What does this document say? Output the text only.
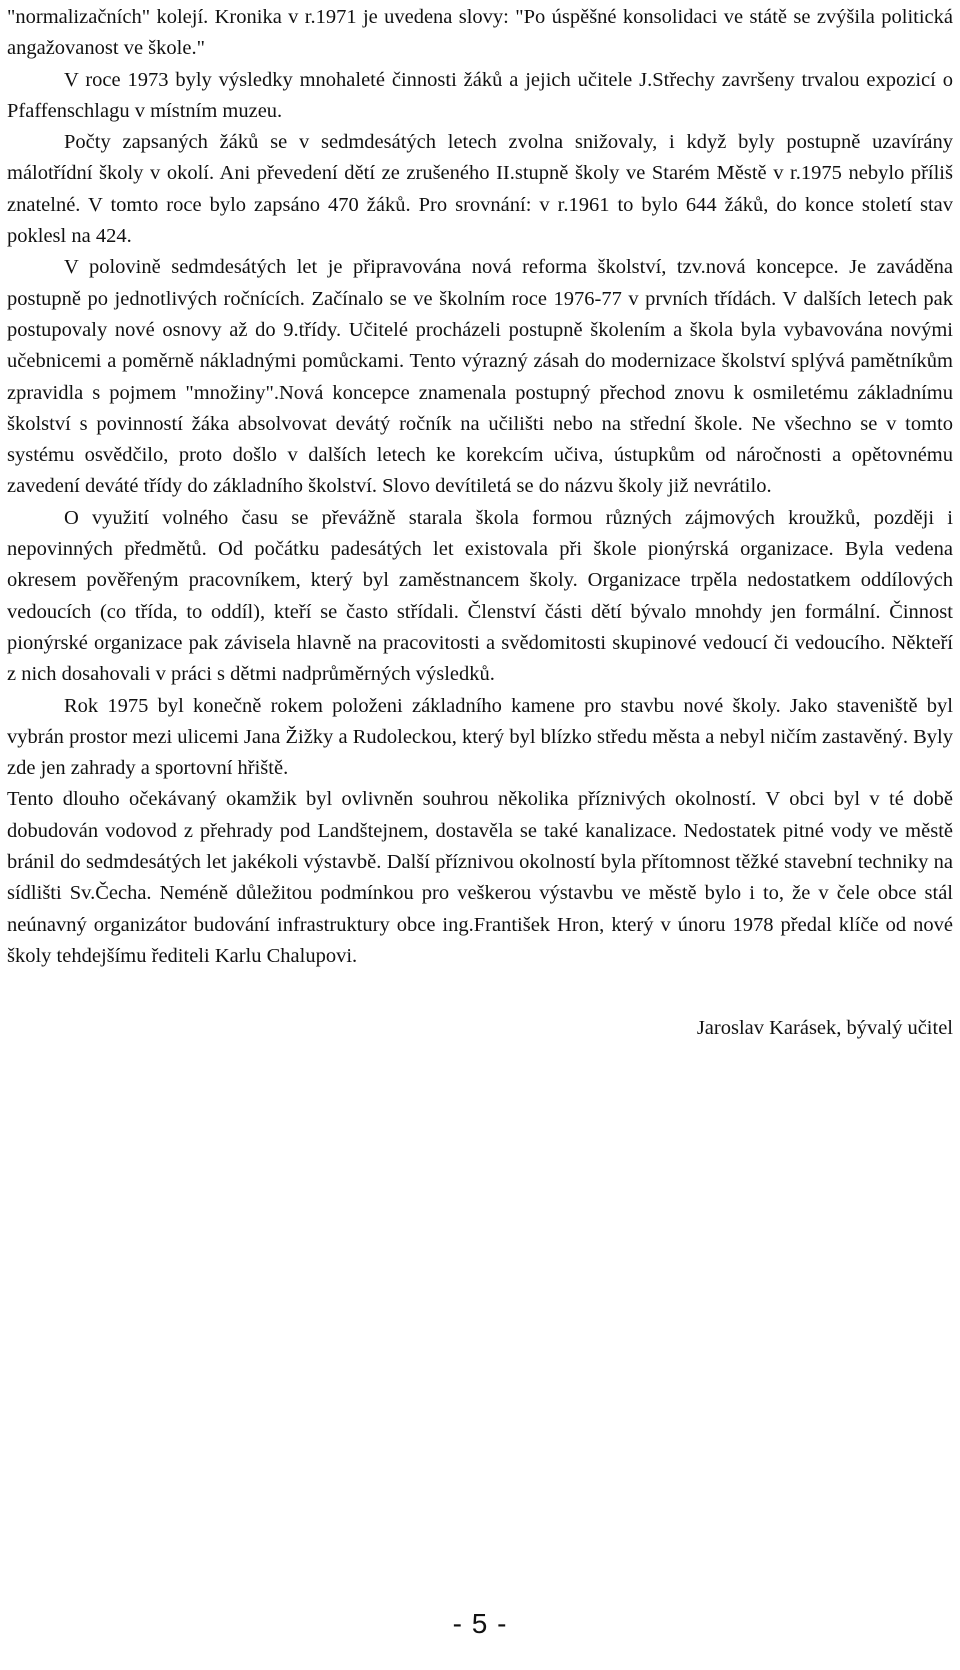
"normalizačních" kolejí. Kronika v r.1971 je uvedena slovy: "Po úspěšné konsolidaci ve státě se zvýšila politická angažovanost ve škole."

V roce 1973 byly výsledky mnohaleté činnosti žáků a jejich učitele J.Střechy završeny trvalou expozicí o Pfaffenschlagu v místním muzeu.

Počty zapsaných žáků se v sedmdesátých letech zvolna snižovaly, i když byly postupně uzavírány málotřídní školy v okolí. Ani převedení dětí ze zrušeného II.stupně školy ve Starém Městě v r.1975 nebylo příliš znatelné. V tomto roce bylo zapsáno 470 žáků. Pro srovnání: v r.1961 to bylo 644 žáků, do konce století stav poklesl na 424.

V polovině sedmdesátých let je připravována nová reforma školství, tzv.nová koncepce. Je zaváděna postupně po jednotlivých ročnících. Začínalo se ve školním roce 1976-77 v prvních třídách. V dalších letech pak postupovaly nové osnovy až do 9.třídy. Učitelé procházeli postupně školením a škola byla vybavována novými učebnicemi a poměrně nákladnými pomůckami. Tento výrazný zásah do modernizace školství splývá pamětníkům zpravidla s pojmem "množiny".Nová koncepce znamenala postupný přechod znovu k osmiletému základnímu školství s povinností žáka absolvovat devátý ročník na učilišti nebo na střední škole. Ne všechno se v tomto systému osvědčilo, proto došlo v dalších letech ke korekcím učiva, ústupkům od náročnosti a opětovnému zavedení deváté třídy do základního školství. Slovo devítiletá se do názvu školy již nevrátilo.

O využití volného času se převážně starala škola formou různých zájmových kroužků, později i nepovinných předmětů. Od počátku padesátých let existovala při škole pionýrská organizace. Byla vedena okresem pověřeným pracovníkem, který byl zaměstnancem školy. Organizace trpěla nedostatkem oddílových vedoucích (co třída, to oddíl), kteří se často střídali. Členství části dětí bývalo mnohdy jen formální. Činnost pionýrské organizace pak závisela hlavně na pracovitosti a svědomitosti skupinové vedoucí či vedoucího. Někteří z nich dosahovali v práci s dětmi nadprůměrných výsledků.

Rok 1975 byl konečně rokem položeni základního kamene pro stavbu nové školy. Jako staveniště byl vybrán prostor mezi ulicemi Jana Žižky a Rudoleckou, který byl blízko středu města a nebyl ničím zastavěný. Byly zde jen zahrady a sportovní hřiště.

Tento dlouho očekávaný okamžik byl ovlivněn souhrou několika příznivých okolností. V obci byl v té době dobudován vodovod z přehrady pod Landštejnem, dostavěla se také kanalizace. Nedostatek pitné vody ve městě bránil do sedmdesátých let jakékoli výstavbě. Další příznivou okolností byla přítomnost těžké stavební techniky na sídlišti Sv.Čecha. Neméně důležitou podmínkou pro veškerou výstavbu ve městě bylo i to, že v čele obce stál neúnavný organizátor budování infrastruktury obce ing.František Hron, který v únoru 1978 předal klíče od nové školy tehdejšímu řediteli Karlu Chalupovi.

Jaroslav Karásek, bývalý učitel

- 5 -
